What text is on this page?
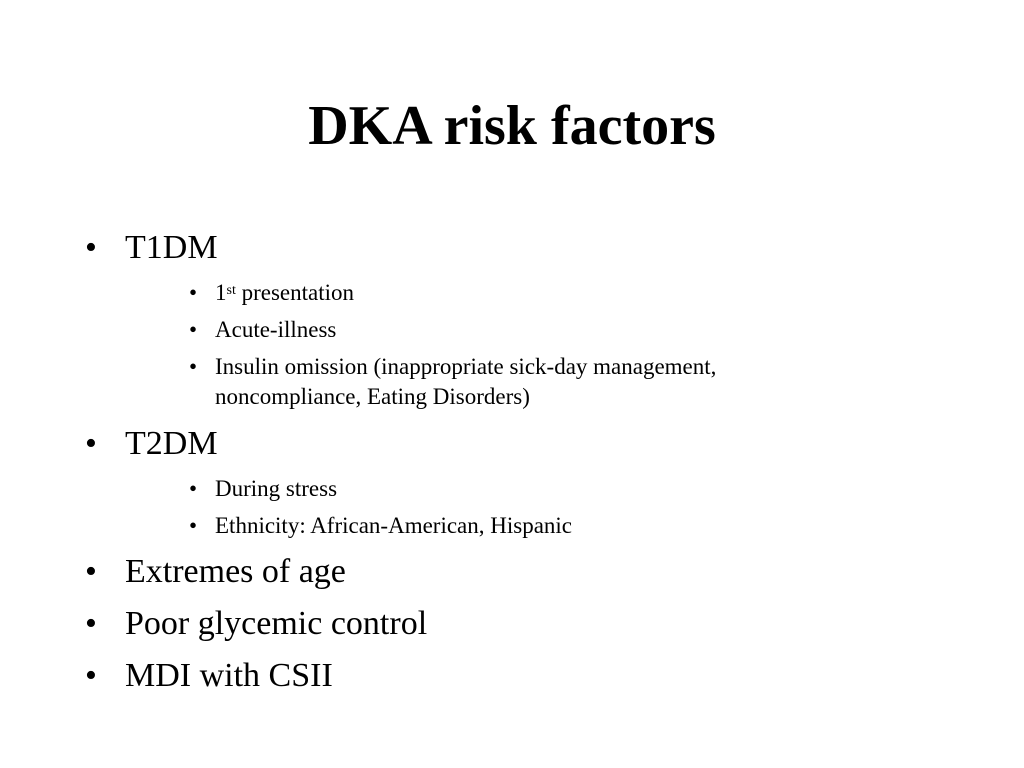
DKA risk factors
• T1DM
• 1st presentation
• Acute-illness
• Insulin omission (inappropriate sick-day management, noncompliance, Eating Disorders)
• T2DM
• During stress
• Ethnicity: African-American, Hispanic
• Extremes of age
• Poor glycemic control
• MDI with CSII
